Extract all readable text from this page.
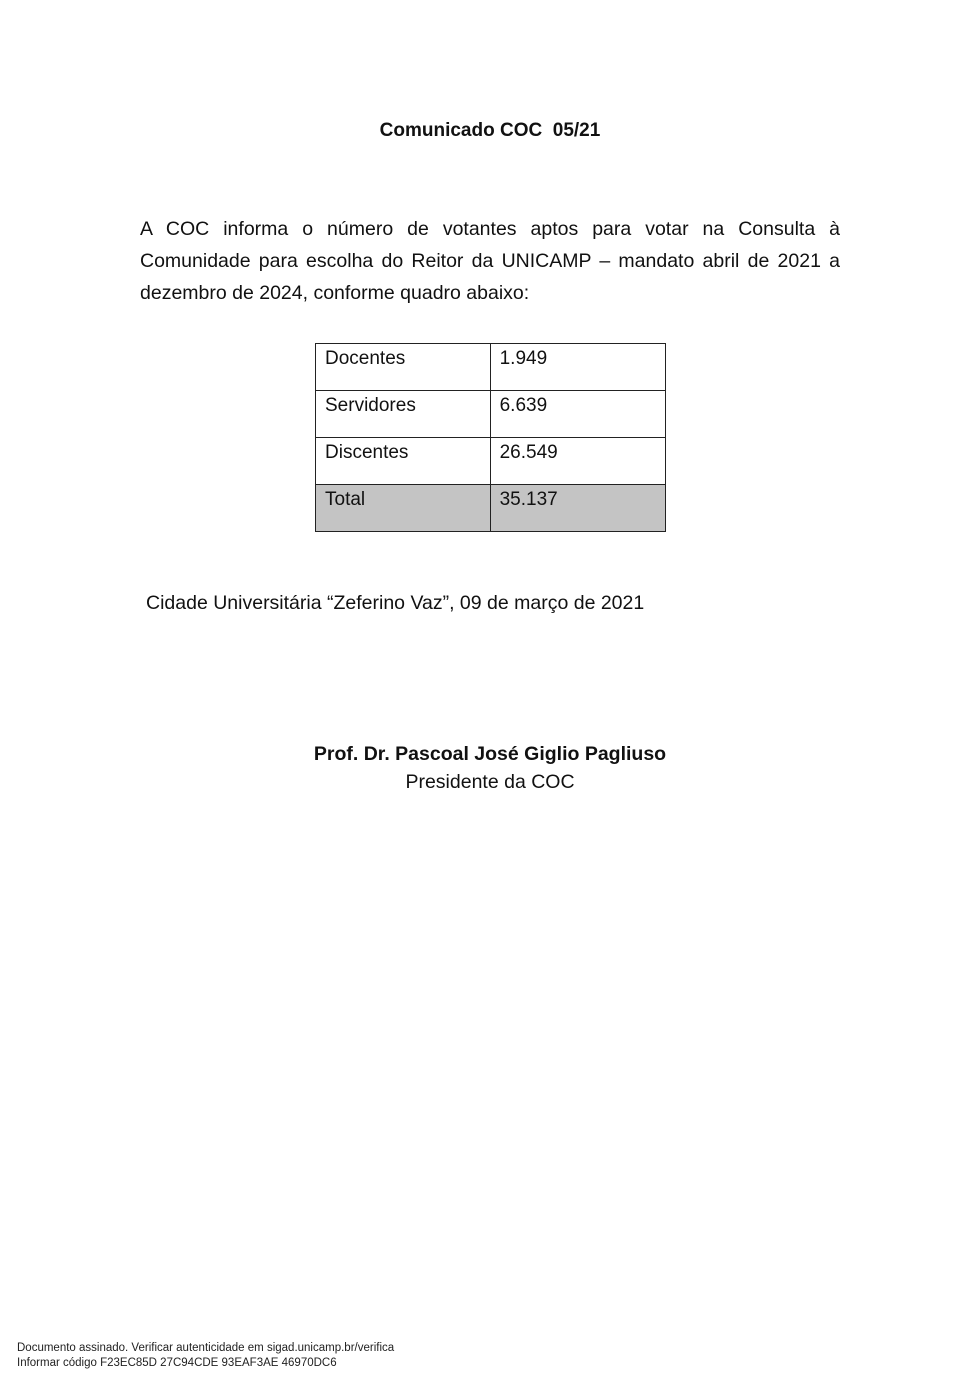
Comunicado COC  05/21
A COC informa o número de votantes aptos para votar na Consulta à Comunidade para escolha do Reitor da UNICAMP – mandato abril de 2021 a dezembro de 2024, conforme quadro abaixo:
Docentes	1.949
Servidores	6.639
Discentes	26.549
Total	35.137
Cidade Universitária “Zeferino Vaz”, 09 de março de 2021
Prof. Dr. Pascoal José Giglio Pagliuso
Presidente da COC
Documento assinado. Verificar autenticidade em sigad.unicamp.br/verifica
Informar código F23EC85D 27C94CDE 93EAF3AE 46970DC6
